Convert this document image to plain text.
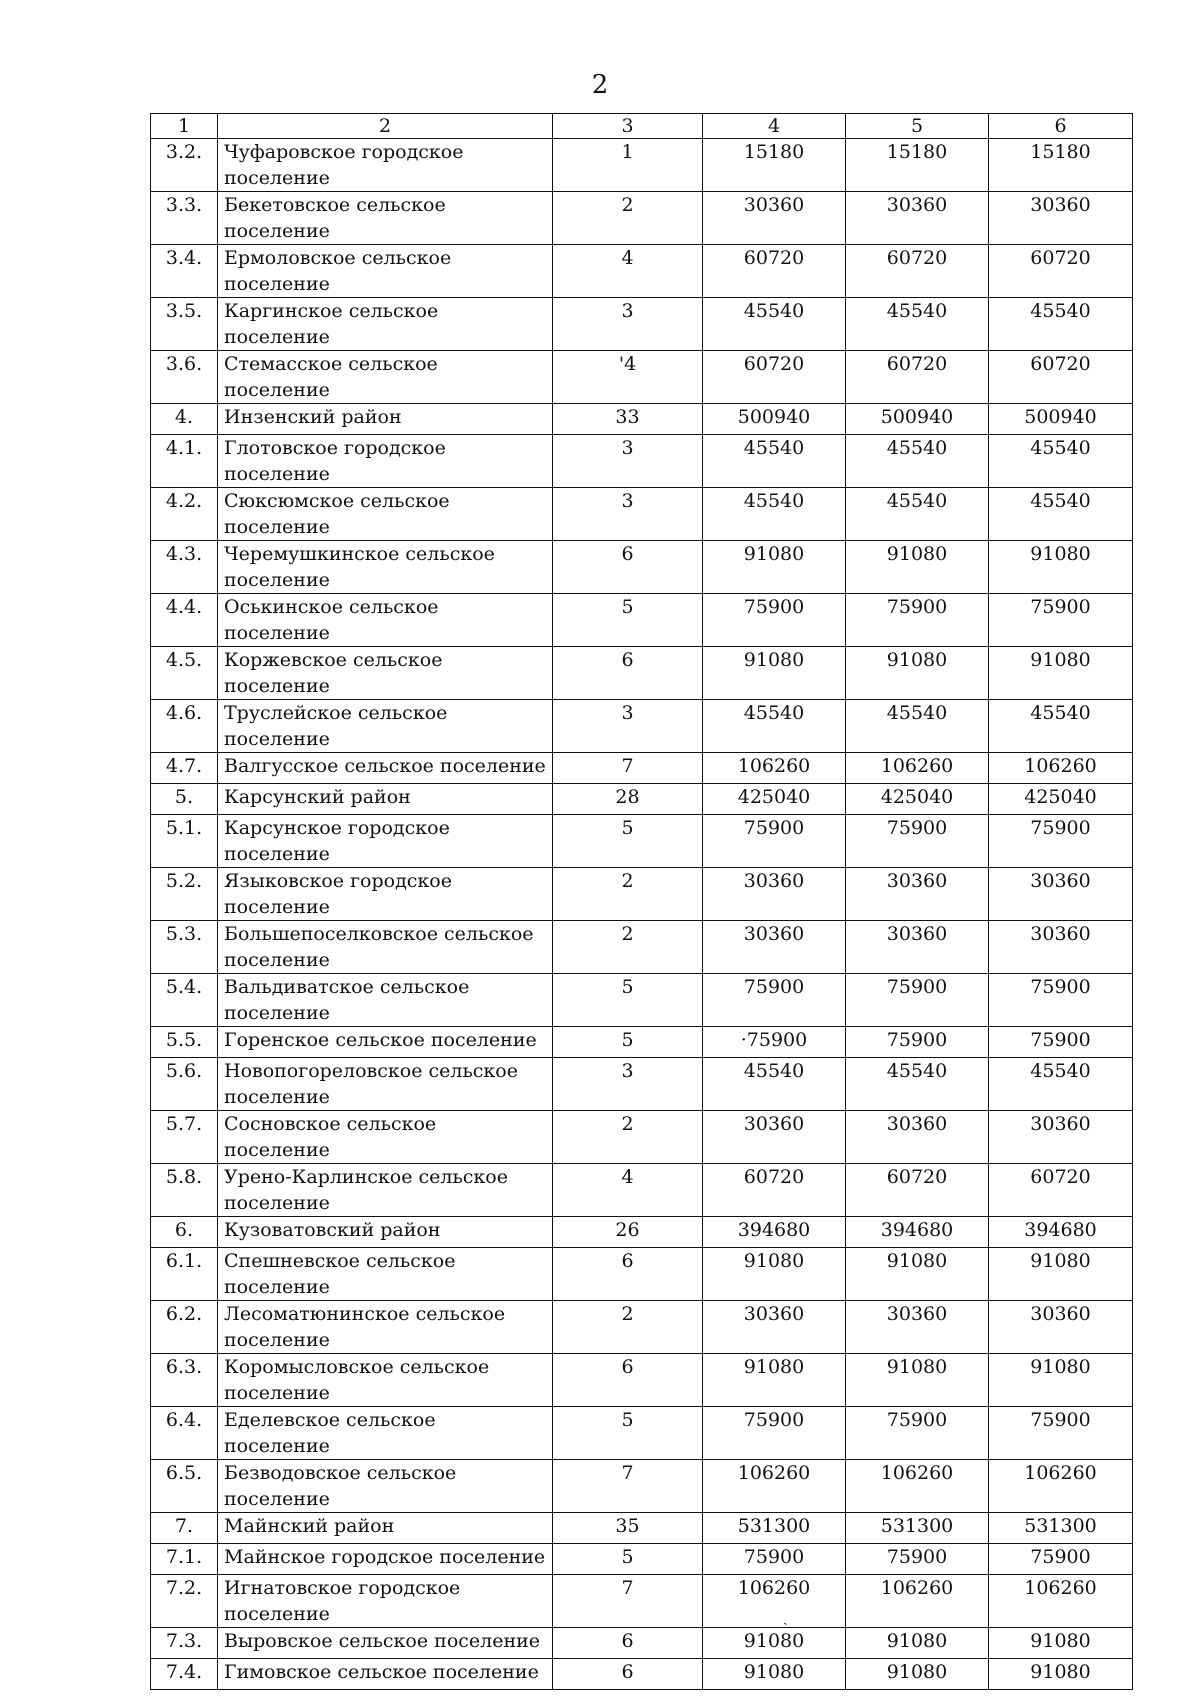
2
1	2	3	4	5	6
3.2.	Чуфаровское городское поселение	1	15180	15180	15180
3.3.	Бекетовское сельское поселение	2	30360	30360	30360
3.4.	Ермоловское сельское поселение	4	60720	60720	60720
3.5.	Каргинское сельское поселение	3	45540	45540	45540
3.6.	Стемасское сельское поселение	'4	60720	60720	60720
4.	Инзенский район	33	500940	500940	500940
4.1.	Глотовское городское поселение	3	45540	45540	45540
4.2.	Сюксюмское сельское поселение	3	45540	45540	45540
4.3.	Черемушкинское сельское поселение	6	91080	91080	91080
4.4.	Оськинское сельское поселение	5	75900	75900	75900
4.5.	Коржевское сельское поселение	6	91080	91080	91080
4.6.	Труслейское сельское поселение	3	45540	45540	45540
4.7.	Валгусское сельское поселение	7	106260	106260	106260
5.	Карсунский район	28	425040	425040	425040
5.1.	Карсунское городское поселение	5	75900	75900	75900
5.2.	Языковское городское поселение	2	30360	30360	30360
5.3.	Большепоселковское сельское поселение	2	30360	30360	30360
5.4.	Вальдиватское сельское поселение	5	75900	75900	75900
5.5.	Горенское сельское поселение	5	·75900	75900	75900
5.6.	Новопогореловское сельское поселение	3	45540	45540	45540
5.7.	Сосновское сельское поселение	2	30360	30360	30360
5.8.	Урено-Карлинское сельское поселение	4	60720	60720	60720
6.	Кузоватовский район	26	394680	394680	394680
6.1.	Спешневское сельское поселение	6	91080	91080	91080
6.2.	Лесоматюнинское сельское поселение	2	30360	30360	30360
6.3.	Коромысловское сельское поселение	6	91080	91080	91080
6.4.	Еделевское сельское поселение	5	75900	75900	75900
6.5.	Безводовское сельское поселение	7	106260	106260	106260
7.	Майнский район	35	531300	531300	531300
7.1.	Майнское городское поселение	5	75900	75900	75900
7.2.	Игнатовское городское поселение	7	106260	106260	106260
7.3.	Выровское сельское поселение	6	91080	91080	91080
7.4.	Гимовское сельское поселение	6	91080	91080	91080
ˏ
